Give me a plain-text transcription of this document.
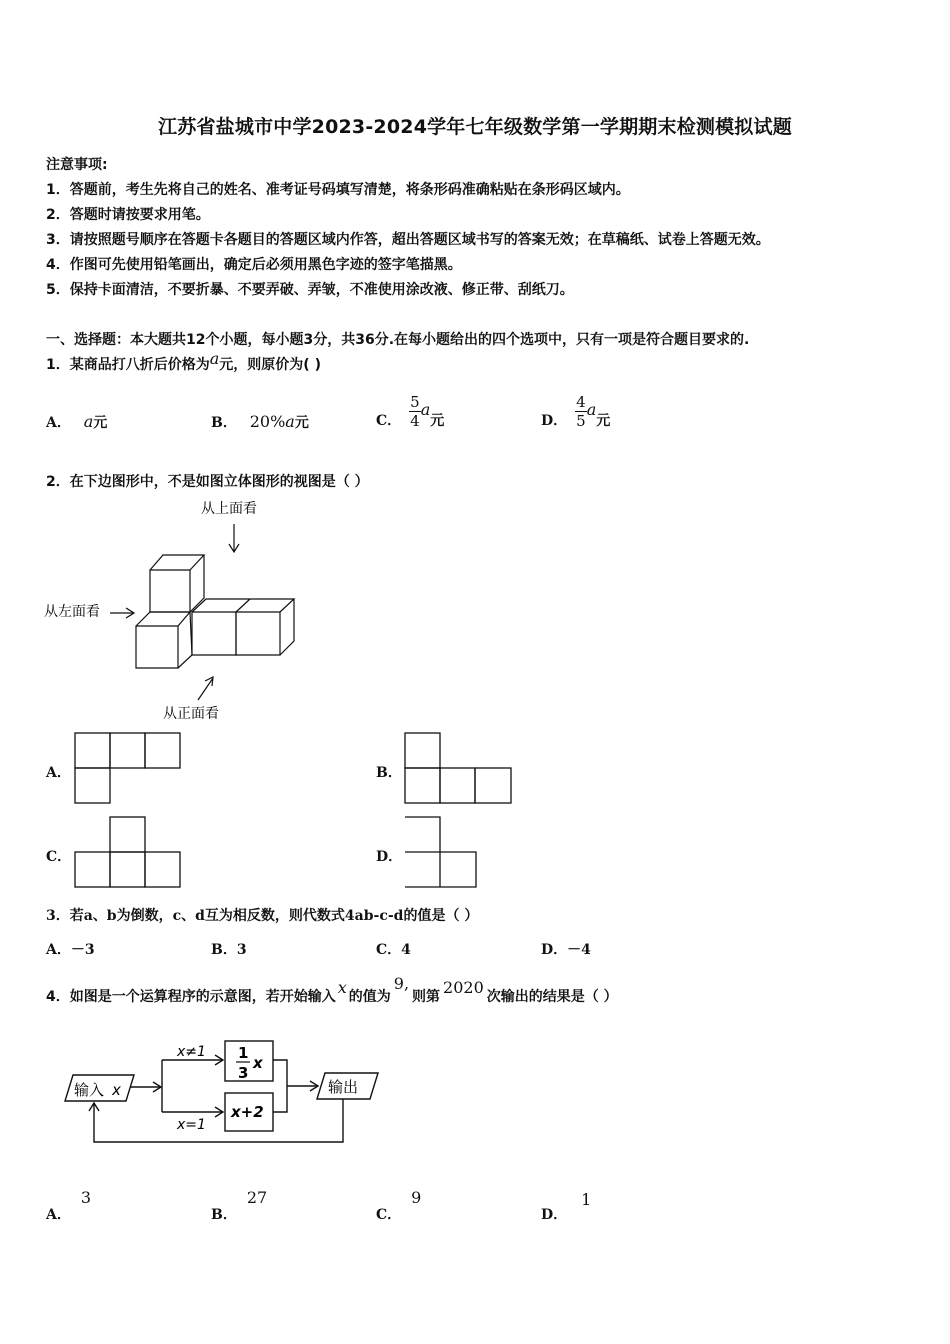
江苏省盐城市中学2023-2024学年七年级数学第一学期期末检测模拟试题
注意事项:
1．答题前，考生先将自己的姓名、准考证号码填写清楚，将条形码准确粘贴在条形码区域内。
2．答题时请按要求用笔。
3．请按照题号顺序在答题卡各题目的答题区域内作答，超出答题区域书写的答案无效；在草稿纸、试卷上答题无效。
4．作图可先使用铅笔画出，确定后必须用黑色字迹的签字笔描黑。
5．保持卡面清洁，不要折暴、不要弄破、弄皱，不准使用涂改液、修正带、刮纸刀。
一、选择题：本大题共12个小题，每小题3分，共36分.在每小题给出的四个选项中，只有一项是符合题目要求的.
1．某商品打八折后价格为a元，则原价为( )
A． a元	B． 20%a元	C． $\frac{5}{4}$ a
元	D． $\frac{4}{5}$ a
元
2．在下边图形中，不是如图立体图形的视图是（ ）
从上面看
从左面看
从正面看
A．	B．
C．	D．
3．若a、b为倒数，c、d互为相反数，则代数式4ab-c-d的值是（ ）
A．－3	B．3	C．4	D．－4
4．如图是一个运算程序的示意图，若开始输入 x 的值为9,则第 2020 次输出的结果是（ ）
输入 x
x≠1 1
3
x
x+2
x=1
输出
A．3
B．27
C．9
D．1
